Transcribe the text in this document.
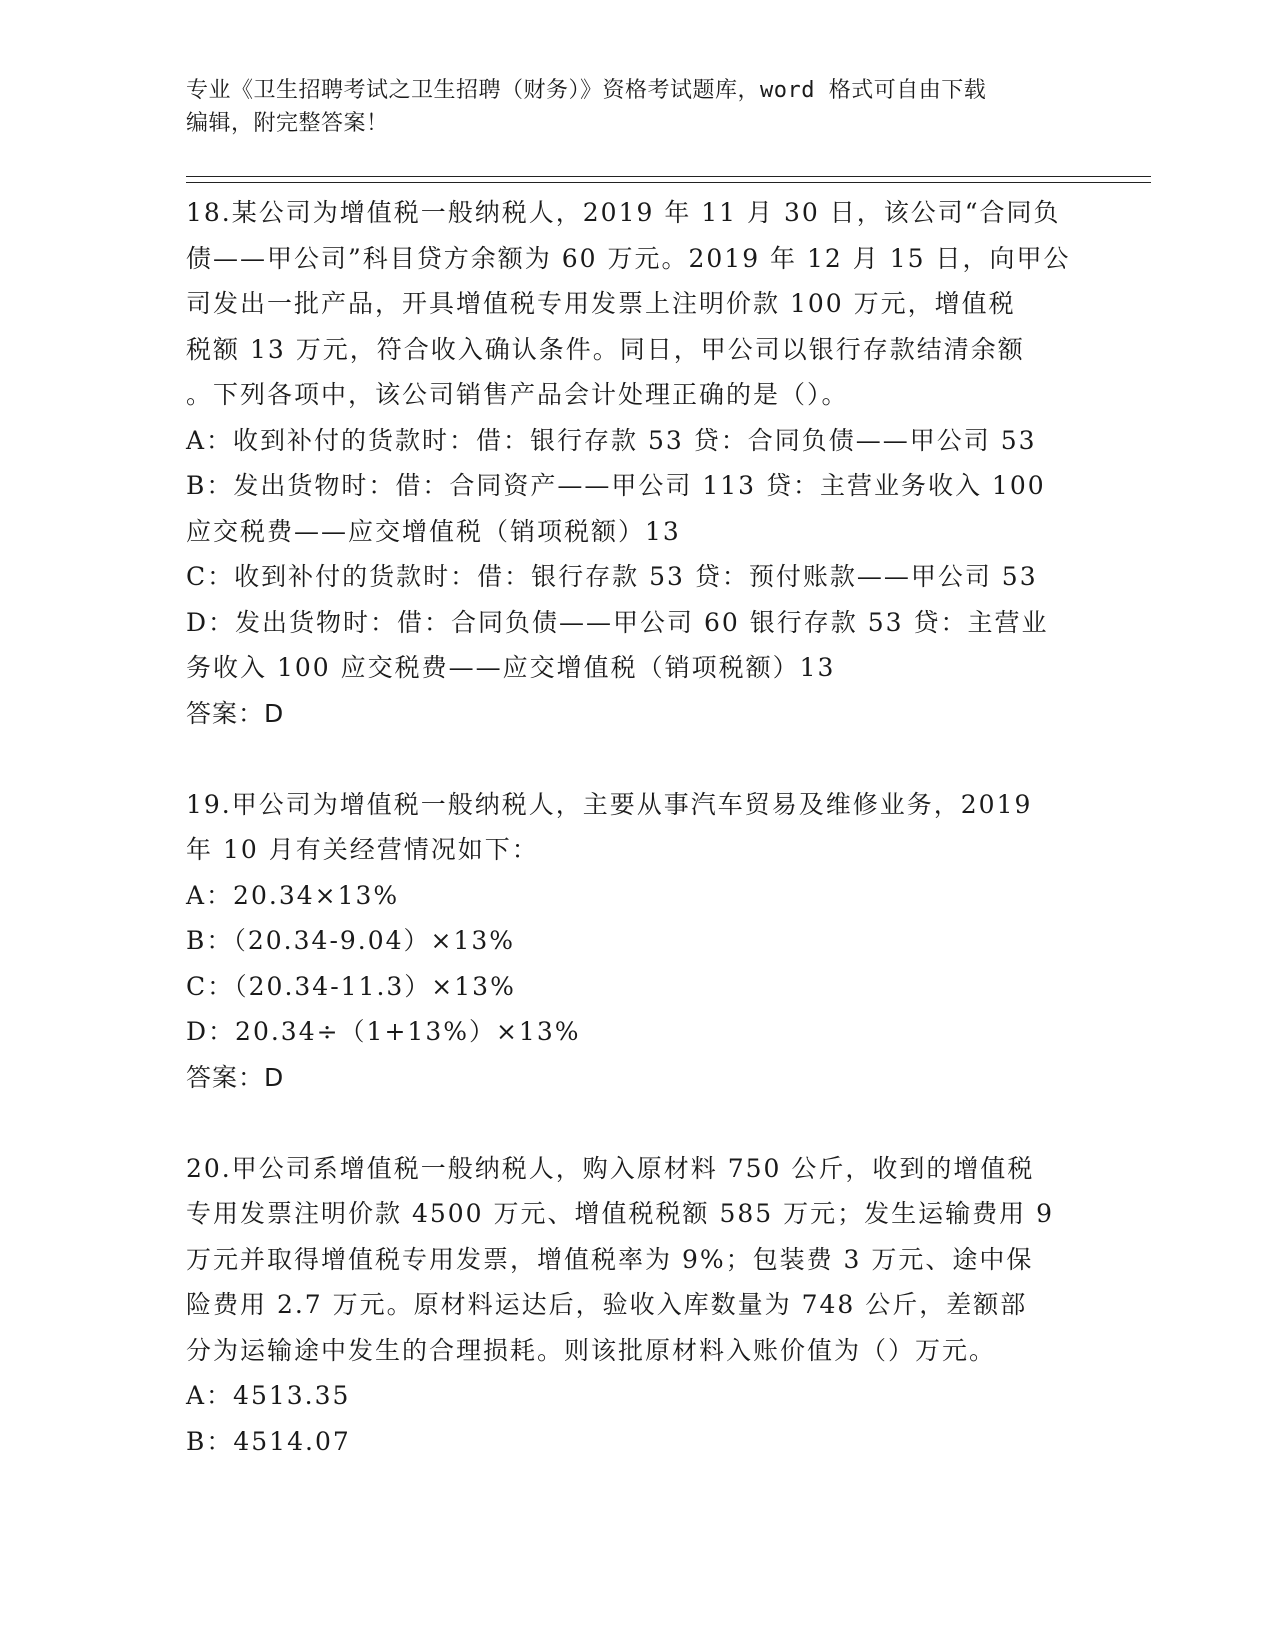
专业《卫生招聘考试之卫生招聘（财务）》资格考试题库，word 格式可自由下载
编辑，附完整答案！
18.某公司为增值税一般纳税人，2019 年 11 月 30 日，该公司“合同负
债——甲公司”科目贷方余额为 60 万元。2019 年 12 月 15 日，向甲公
司发出一批产品，开具增值税专用发票上注明价款 100 万元，增值税
税额 13 万元，符合收入确认条件。同日，甲公司以银行存款结清余额
。下列各项中，该公司销售产品会计处理正确的是（）。
A：收到补付的货款时：借：银行存款 53 贷：合同负债——甲公司 53
B：发出货物时：借：合同资产——甲公司 113 贷：主营业务收入 100
应交税费——应交增值税（销项税额）13
C：收到补付的货款时：借：银行存款 53 贷：预付账款——甲公司 53
D：发出货物时：借：合同负债——甲公司 60 银行存款 53 贷：主营业
务收入 100 应交税费——应交增值税（销项税额）13
答案：D
19.甲公司为增值税一般纳税人，主要从事汽车贸易及维修业务，2019
年 10 月有关经营情况如下：
A：20.34×13%
B：（20.34-9.04）×13%
C：（20.34-11.3）×13%
D：20.34÷（1+13%）×13%
答案：D
20.甲公司系增值税一般纳税人，购入原材料 750 公斤，收到的增值税
专用发票注明价款 4500 万元、增值税税额 585 万元；发生运输费用 9
万元并取得增值税专用发票，增值税率为 9%；包装费 3 万元、途中保
险费用 2.7 万元。原材料运达后，验收入库数量为 748 公斤，差额部
分为运输途中发生的合理损耗。则该批原材料入账价值为（）万元。
A：4513.35
B：4514.07
